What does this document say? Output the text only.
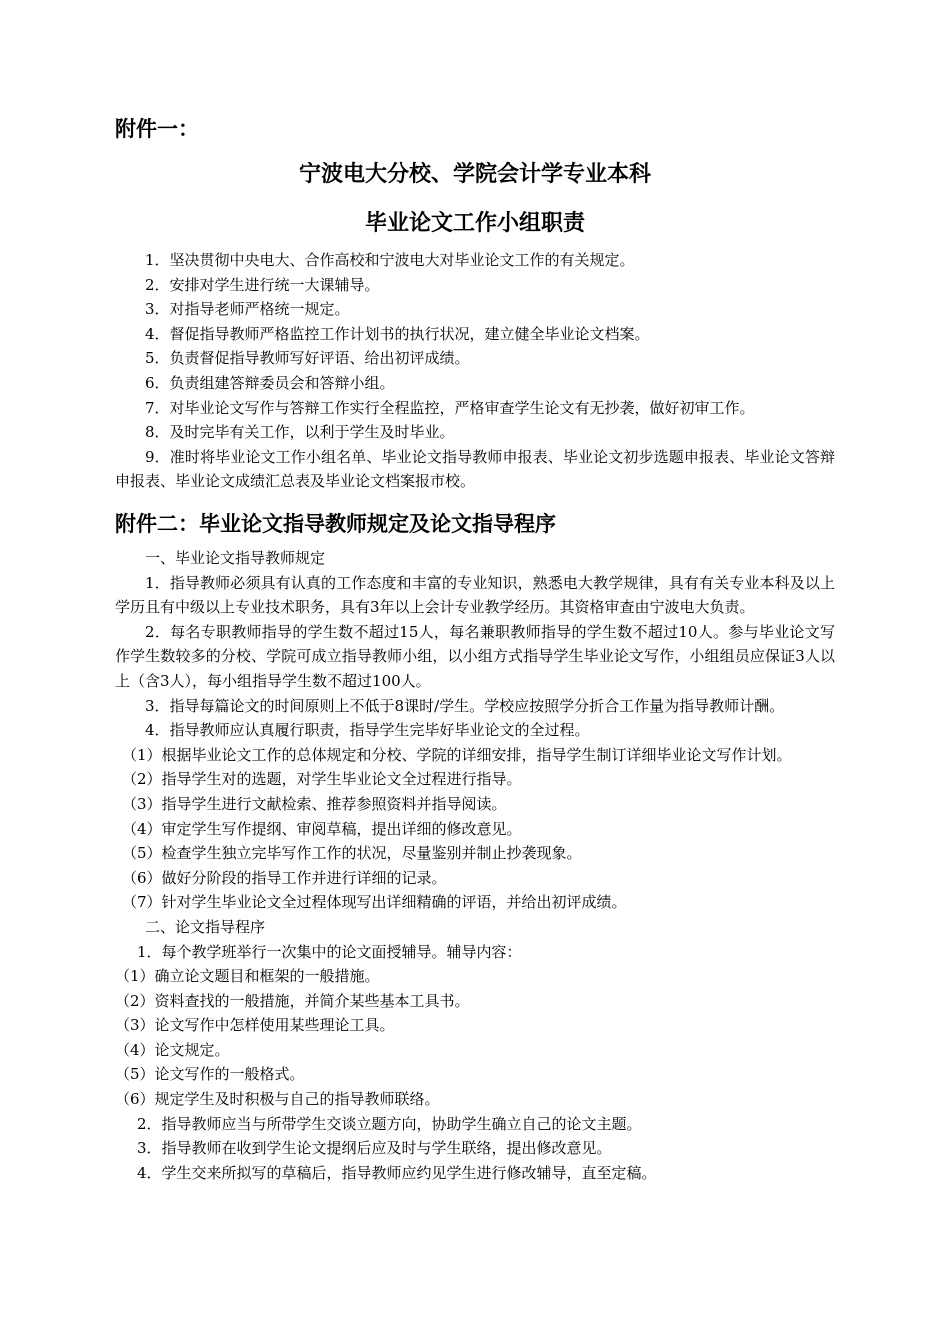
附件一：
宁波电大分校、学院会计学专业本科
毕业论文工作小组职责

1．坚决贯彻中央电大、合作高校和宁波电大对毕业论文工作的有关规定。

2．安排对学生进行统一大课辅导。

3．对指导老师严格统一规定。

4．督促指导教师严格监控工作计划书的执行状况，建立健全毕业论文档案。

5．负责督促指导教师写好评语、给出初评成绩。

6．负责组建答辩委员会和答辩小组。

7．对毕业论文写作与答辩工作实行全程监控，严格审查学生论文有无抄袭，做好初审工作。

8．及时完毕有关工作，以利于学生及时毕业。

9．准时将毕业论文工作小组名单、毕业论文指导教师申报表、毕业论文初步选题申报表、毕业论文答辩申报表、毕业论文成绩汇总表及毕业论文档案报市校。

附件二：毕业论文指导教师规定及论文指导程序

一、毕业论文指导教师规定

1．指导教师必须具有认真的工作态度和丰富的专业知识，熟悉电大教学规律，具有有关专业本科及以上学历且有中级以上专业技术职务，具有3年以上会计专业教学经历。其资格审查由宁波电大负责。

2．每名专职教师指导的学生数不超过15人，每名兼职教师指导的学生数不超过10人。参与毕业论文写作学生数较多的分校、学院可成立指导教师小组，以小组方式指导学生毕业论文写作，小组组员应保证3人以上（含3人），每小组指导学生数不超过100人。

3．指导每篇论文的时间原则上不低于8课时/学生。学校应按照学分折合工作量为指导教师计酬。

4．指导教师应认真履行职责，指导学生完毕好毕业论文的全过程。

（1）根据毕业论文工作的总体规定和分校、学院的详细安排，指导学生制订详细毕业论文写作计划。

（2）指导学生对的选题，对学生毕业论文全过程进行指导。

（3）指导学生进行文献检索、推荐参照资料并指导阅读。

（4）审定学生写作提纲、审阅草稿，提出详细的修改意见。

（5）检查学生独立完毕写作工作的状况，尽量鉴别并制止抄袭现象。

（6）做好分阶段的指导工作并进行详细的记录。

（7）针对学生毕业论文全过程体现写出详细精确的评语，并给出初评成绩。

二、论文指导程序

1．每个教学班举行一次集中的论文面授辅导。辅导内容：

（1）确立论文题目和框架的一般措施。

（2）资料查找的一般措施，并简介某些基本工具书。

（3）论文写作中怎样使用某些理论工具。

（4）论文规定。

（5）论文写作的一般格式。

（6）规定学生及时积极与自己的指导教师联络。

2．指导教师应当与所带学生交谈立题方向，协助学生确立自己的论文主题。

3．指导教师在收到学生论文提纲后应及时与学生联络，提出修改意见。

4．学生交来所拟写的草稿后，指导教师应约见学生进行修改辅导，直至定稿。
